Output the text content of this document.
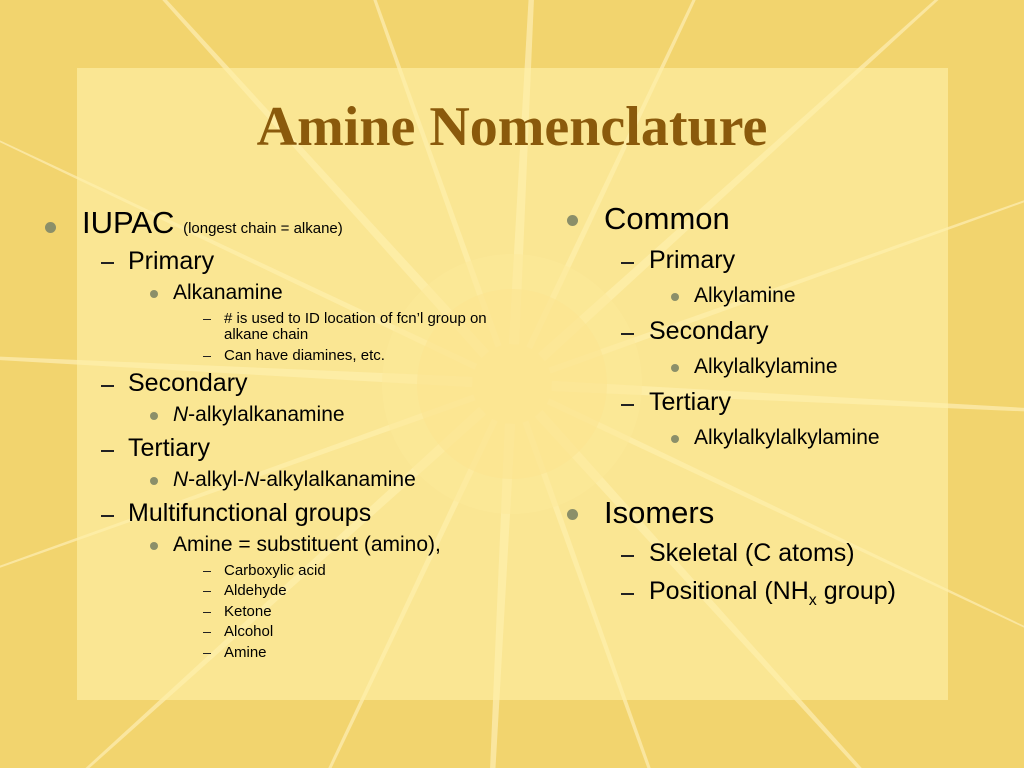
Amine Nomenclature
IUPAC (longest chain = alkane)
Primary
Alkanamine
# is used to ID location of fcn’l group on
alkane chain
Can have diamines, etc.
Secondary
N-alkylalkanamine
Tertiary
N-alkyl-N-alkylalkanamine
Multifunctional groups
Amine = substituent (amino),
Carboxylic acid
Aldehyde
Ketone
Alcohol
Amine
Common
Primary
Alkylamine
Secondary
Alkylalkylamine
Tertiary
Alkylalkylalkylamine
Isomers
Skeletal (C atoms)
Positional ($NH_x$ group)
